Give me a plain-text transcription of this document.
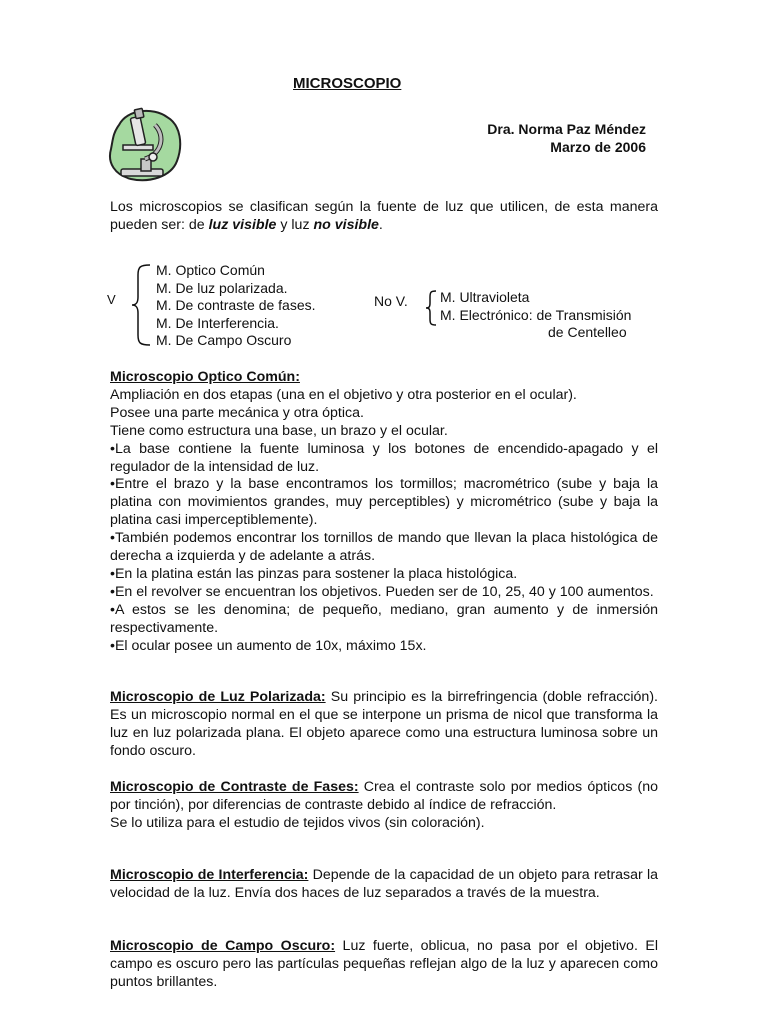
MICROSCOPIO
Dra. Norma Paz Méndez
Marzo de 2006
Los microscopios se clasifican según la fuente de luz que utilicen, de esta manera pueden ser: de luz visible y luz no visible.
V
M. Optico Común
M. De luz polarizada.
M. De contraste de fases.
M. De Interferencia.
M. De Campo Oscuro
No V. M. Ultravioleta
M. Electrónico: de Transmisión
de Centelleo

Microscopio Optico Común:

Ampliación en dos etapas (una en el objetivo y otra posterior en el ocular).

Posee una parte mecánica y otra óptica.

Tiene como estructura una base, un brazo y el ocular.

•La base contiene la fuente luminosa y los botones de encendido-apagado y el regulador de la intensidad de luz.

•Entre el brazo y la base encontramos los tormillos; macrométrico (sube y baja la platina con movimientos grandes, muy perceptibles) y micrométrico (sube y baja la platina casi imperceptiblemente).

•También podemos encontrar los tornillos de mando que llevan la placa histológica de derecha a izquierda y de adelante a atrás.

•En la platina están las pinzas para sostener la placa histológica.

•En el revolver se encuentran los objetivos. Pueden ser de 10, 25, 40 y 100 aumentos.

•A estos se les denomina; de pequeño, mediano, gran aumento y de inmersión respectivamente.

•El ocular posee un aumento de 10x, máximo 15x.

Microscopio de Luz Polarizada: Su principio es la birrefringencia (doble refracción). Es un microscopio normal en el que se interpone un prisma de nicol que transforma la luz en luz polarizada plana. El objeto aparece como una estructura luminosa sobre un fondo oscuro.

Microscopio de Contraste de Fases: Crea el contraste solo por medios ópticos (no por tinción), por diferencias de contraste debido al índice de refracción.

Se lo utiliza para el estudio de tejidos vivos (sin coloración).

Microscopio de Interferencia: Depende de la capacidad de un objeto para retrasar la velocidad de la luz. Envía dos haces de luz separados a través de la muestra.

Microscopio de Campo Oscuro: Luz fuerte, oblicua, no pasa por el objetivo. El campo es oscuro pero las partículas pequeñas reflejan algo de la luz y aparecen como puntos brillantes.
